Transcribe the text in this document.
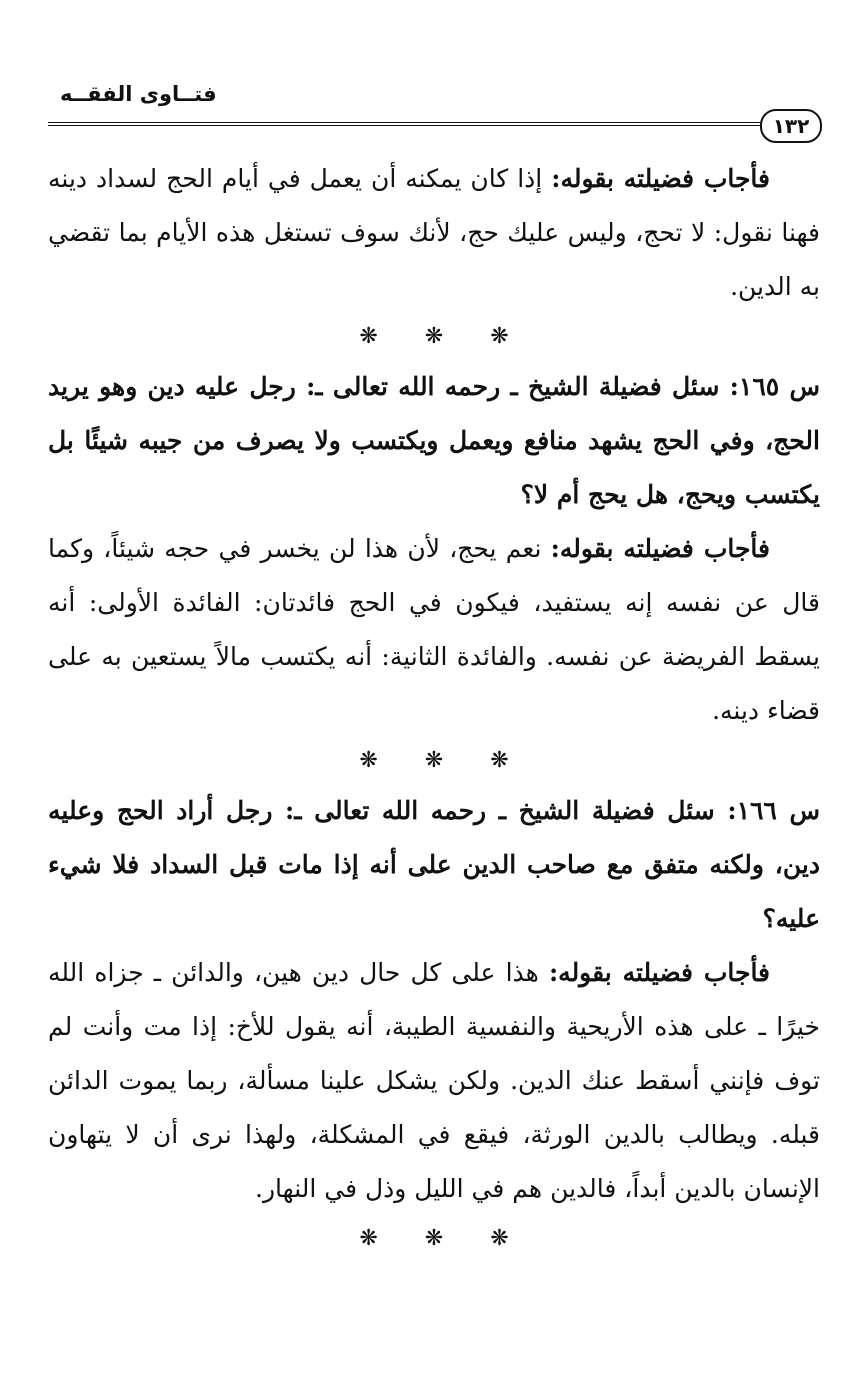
فتــاوى الفقــه
١٣٢

فأجاب فضيلته بقوله: إذا كان يمكنه أن يعمل في أيام الحج لسداد دينه فهنا نقول: لا تحج، وليس عليك حج، لأنك سوف تستغل هذه الأيام بما تقضي به الدين.

❋ ❋ ❋

س ١٦٥: سئل فضيلة الشيخ ـ رحمه الله تعالى ـ: رجل عليه دين وهو يريد الحج، وفي الحج يشهد منافع ويعمل ويكتسب ولا يصرف من جيبه شيئًا بل يكتسب ويحج، هل يحج أم لا؟

فأجاب فضيلته بقوله: نعم يحج، لأن هذا لن يخسر في حجه شيئاً، وكما قال عن نفسه إنه يستفيد، فيكون في الحج فائدتان: الفائدة الأولى: أنه يسقط الفريضة عن نفسه. والفائدة الثانية: أنه يكتسب مالاً يستعين به على قضاء دينه.

❋ ❋ ❋

س ١٦٦: سئل فضيلة الشيخ ـ رحمه الله تعالى ـ: رجل أراد الحج وعليه دين، ولكنه متفق مع صاحب الدين على أنه إذا مات قبل السداد فلا شيء عليه؟

فأجاب فضيلته بقوله: هذا على كل حال دين هين، والدائن ـ جزاه الله خيرًا ـ على هذه الأريحية والنفسية الطيبة، أنه يقول للأخ: إذا مت وأنت لم توف فإنني أسقط عنك الدين. ولكن يشكل علينا مسألة، ربما يموت الدائن قبله. ويطالب بالدين الورثة، فيقع في المشكلة، ولهذا نرى أن لا يتهاون الإنسان بالدين أبداً، فالدين هم في الليل وذل في النهار.

❋ ❋ ❋
